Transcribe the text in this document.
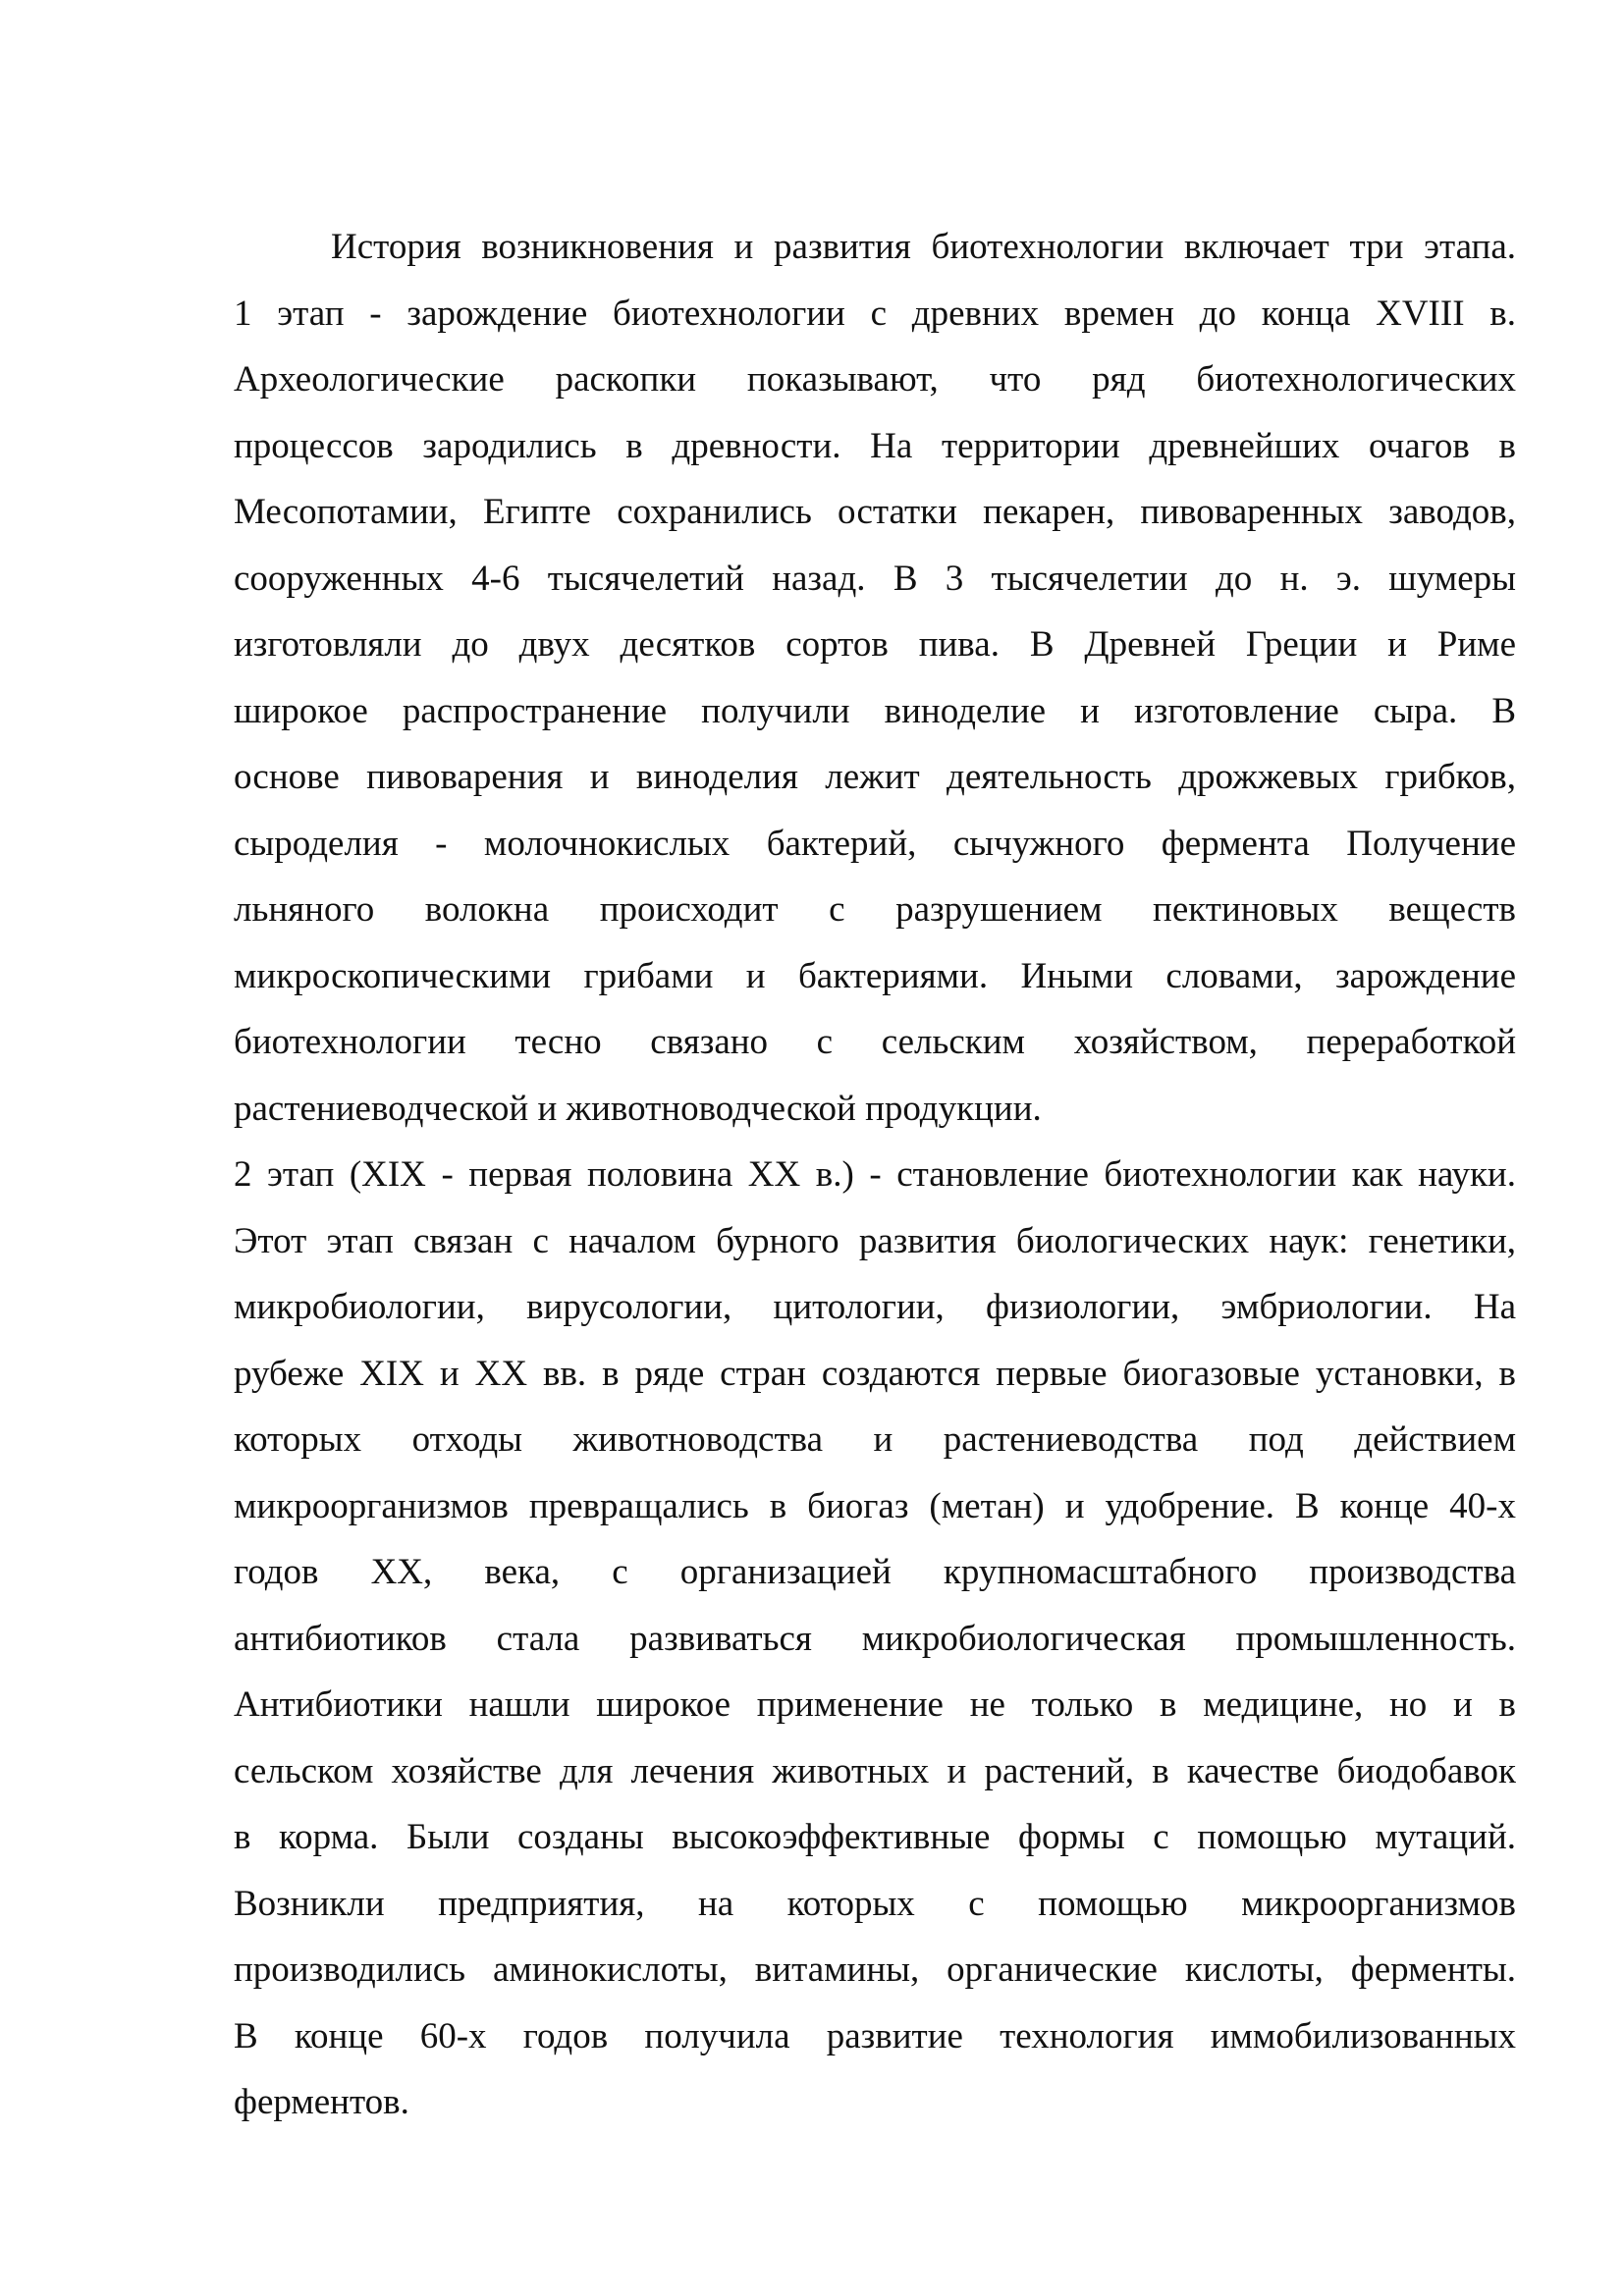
История возникновения и развития биотехнологии включает три этапа.
1 этап - зарождение биотехнологии с древних времен до конца XVIII в.
Археологические раскопки показывают, что ряд биотехнологических
процессов зародились в древности. На территории древнейших очагов в
Месопотамии, Египте сохранились остатки пекарен, пивоваренных заводов,
сооруженных 4-6 тысячелетий назад. В 3 тысячелетии до н. э. шумеры
изготовляли до двух десятков сортов пива. В Древней Греции и Риме
широкое распространение получили виноделие и изготовление сыра. В
основе пивоварения и виноделия лежит деятельность дрожжевых грибков,
сыроделия - молочнокислых бактерий, сычужного фермента Получение
льняного волокна происходит с разрушением пектиновых веществ
микроскопическими грибами и бактериями. Иными словами, зарождение
биотехнологии тесно связано с сельским хозяйством, переработкой
растениеводческой и животноводческой продукции.
2 этап (XIX - первая половина XX в.) - становление биотехнологии как науки.
Этот этап связан с началом бурного развития биологических наук: генетики,
микробиологии, вирусологии, цитологии, физиологии, эмбриологии. На
рубеже XIX и XX вв. в ряде стран создаются первые биогазовые установки, в
которых отходы животноводства и растениеводства под действием
микроорганизмов превращались в биогаз (метан) и удобрение. В конце 40-х
годов XX, века, с организацией крупномасштабного производства
антибиотиков стала развиваться микробиологическая промышленность.
Антибиотики нашли широкое применение не только в медицине, но и в
сельском хозяйстве для лечения животных и растений, в качестве биодобавок
в корма. Были созданы высокоэффективные формы с помощью мутаций.
Возникли предприятия, на которых с помощью микроорганизмов
производились аминокислоты, витамины, органические кислоты, ферменты.
В конце 60-х годов получила развитие технология иммобилизованных
ферментов.
